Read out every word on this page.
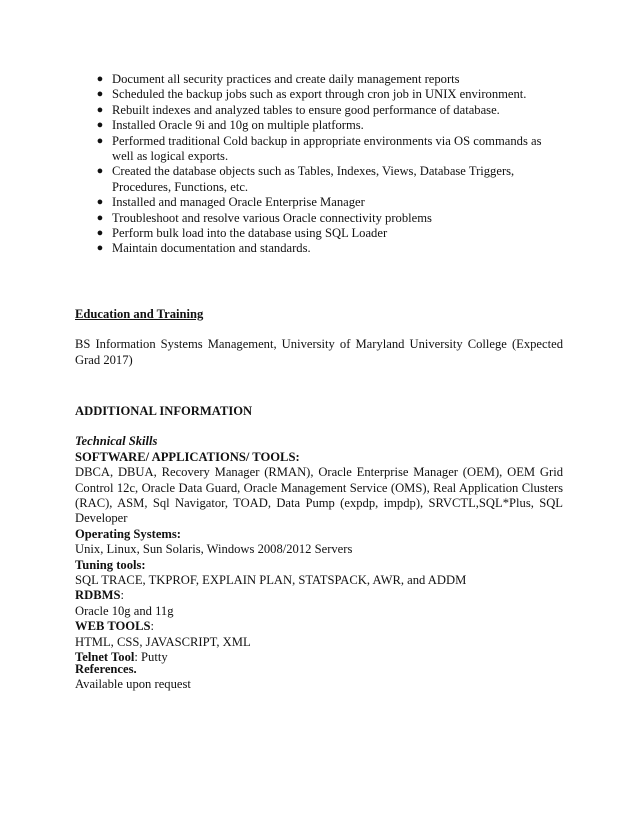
● Document all security practices and create daily management reports
● Scheduled the backup jobs such as export through cron job in UNIX environment.
● Rebuilt indexes and analyzed tables to ensure good performance of database.
● Installed Oracle 9i and 10g on multiple platforms.
● Performed traditional Cold backup in appropriate environments via OS commands as well as logical exports.
● Created the database objects such as Tables, Indexes, Views, Database Triggers, Procedures, Functions, etc.
● Installed and managed Oracle Enterprise Manager
● Troubleshoot and resolve various Oracle connectivity problems
● Perform bulk load into the database using SQL Loader
● Maintain documentation and standards.
Education and Training

BS Information Systems Management, University of Maryland University College (Expected Grad 2017)

ADDITIONAL INFORMATION
Technical Skills
SOFTWARE/ APPLICATIONS/ TOOLS:

DBCA, DBUA, Recovery Manager (RMAN), Oracle Enterprise Manager (OEM), OEM Grid Control 12c, Oracle Data Guard, Oracle Management Service (OMS), Real Application Clusters (RAC), ASM, Sql Navigator, TOAD, Data Pump (expdp, impdp), SRVCTL,SQL*Plus, SQL Developer

Operating Systems:
Unix, Linux, Sun Solaris, Windows 2008/2012 Servers
Tuning tools:
SQL TRACE, TKPROF, EXPLAIN PLAN, STATSPACK, AWR, and ADDM
RDBMS:
Oracle 10g and 11g
WEB TOOLS:
HTML, CSS, JAVASCRIPT, XML
Telnet Tool: Putty
References.
Available upon request
